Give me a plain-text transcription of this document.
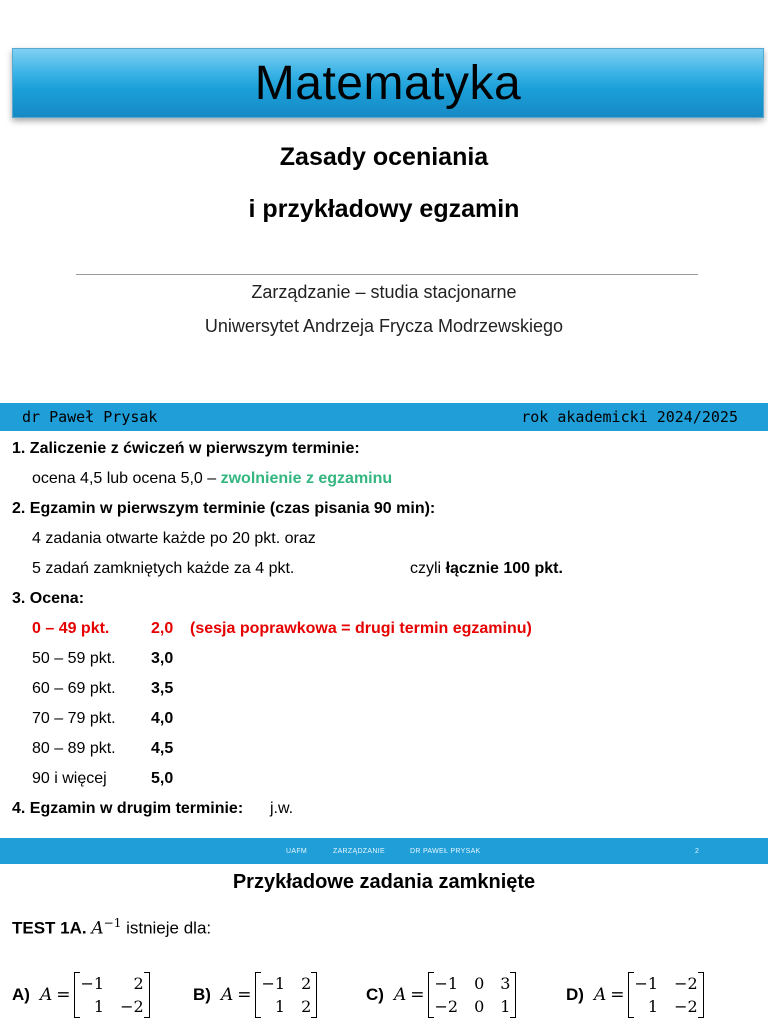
Matematyka
Zasady oceniania
i przykładowy egzamin
Zarządzanie – studia stacjonarne
Uniwersytet Andrzeja Frycza Modrzewskiego
dr Paweł Prysak	rok akademicki 2024/2025
1. Zaliczenie z ćwiczeń w pierwszym terminie:
ocena 4,5 lub ocena 5,0 – zwolnienie z egzaminu
2. Egzamin w pierwszym terminie (czas pisania 90 min):
4 zadania otwarte każde po 20 pkt. oraz
5 zadań zamkniętych każde za 4 pkt.	czyli łącznie 100 pkt.
3. Ocena:
0 – 49 pkt.	2,0 (sesja poprawkowa = drugi termin egzaminu)
50 – 59 pkt. 3,0
60 – 69 pkt. 3,5
70 – 79 pkt. 4,0
80 – 89 pkt. 4,5
90 i więcej	5,0
4. Egzamin w drugim terminie: j.w.
UAFM	ZARZĄDZANIE	DR PAWEŁ PRYSAK	2
Przykładowe zadania zamknięte
TEST 1A. $A^{-1}$ istnieje dla:
A) A =
−1	2
1 −2
B) A =
−1 2
1 2
C) A =
−1 0 3
−2 0 1
D) A =
−1 −2
1 −2
